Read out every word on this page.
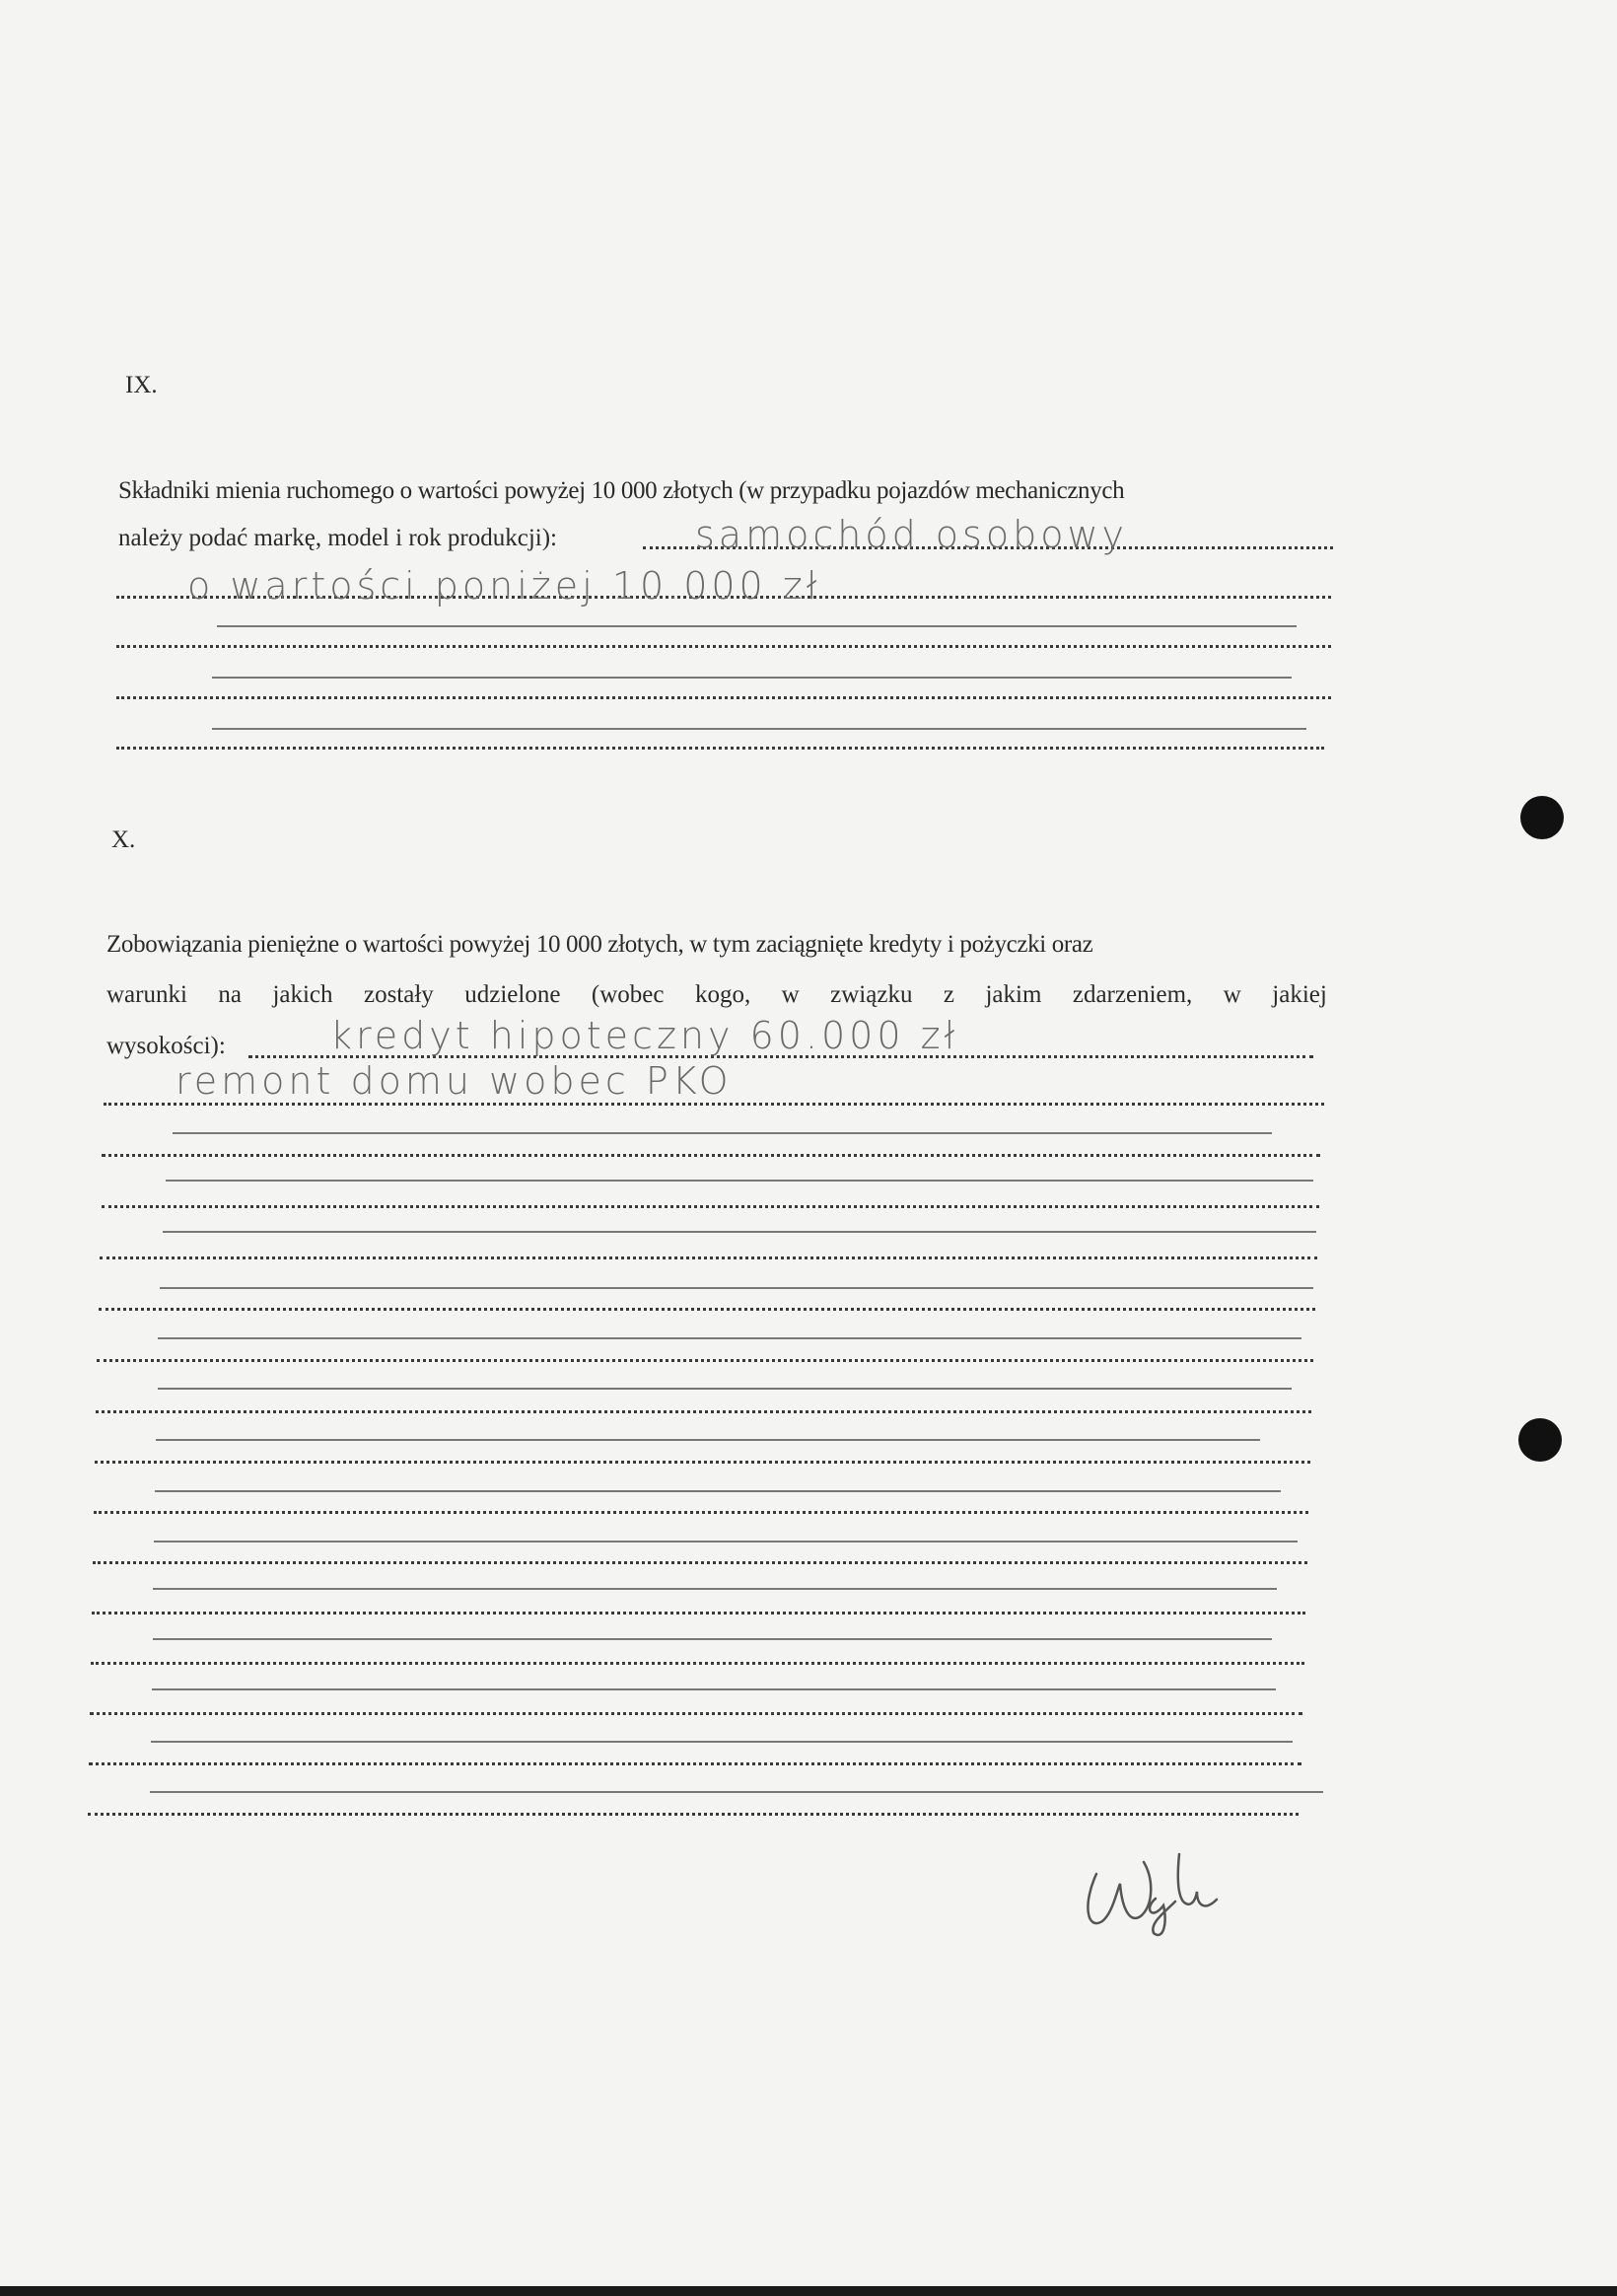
IX.
Składniki mienia ruchomego o wartości powyżej 10 000 złotych (w przypadku pojazdów mechanicznych
należy podać markę, model i rok produkcji):	samochód osobowy
o wartości poniżej 10.000 zł
X.
Zobowiązania pieniężne o wartości powyżej 10 000 złotych, w tym zaciągnięte kredyty i pożyczki oraz
warunki na jakich zostały udzielone (wobec kogo, w związku z jakim zdarzeniem, w jakiej
wysokości):	kredyt hipoteczny 60.000 zł
remont domu wobec PKO
